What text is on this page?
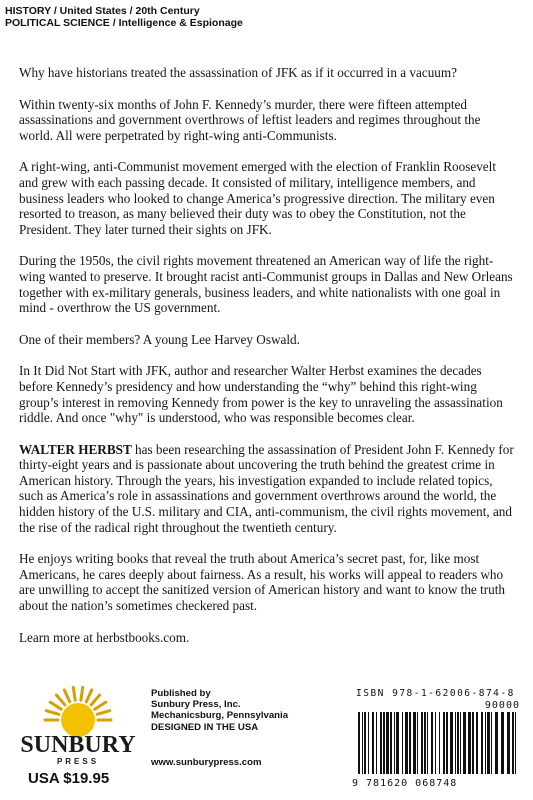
HISTORY / United States / 20th Century
POLITICAL SCIENCE / Intelligence & Espionage

Why have historians treated the assassination of JFK as if it occurred in a vacuum?

Within twenty-six months of John F. Kennedy’s murder, there were fifteen attempted assassinations and government overthrows of leftist leaders and regimes throughout the world. All were perpetrated by right-wing anti-Communists.

A right-wing, anti-Communist movement emerged with the election of Franklin Roosevelt and grew with each passing decade. It consisted of military, intelligence members, and business leaders who looked to change America’s progressive direction. The military even resorted to treason, as many believed their duty was to obey the Constitution, not the President. They later turned their sights on JFK.

During the 1950s, the civil rights movement threatened an American way of life the right-wing wanted to preserve. It brought racist anti-Communist groups in Dallas and New Orleans together with ex-military generals, business leaders, and white nationalists with one goal in mind - overthrow the US government.

One of their members? A young Lee Harvey Oswald.

In It Did Not Start with JFK, author and researcher Walter Herbst examines the decades before Kennedy’s presidency and how understanding the “why” behind this right-wing group’s interest in removing Kennedy from power is the key to unraveling the assassination riddle. And once "why" is understood, who was responsible becomes clear.

WALTER HERBST has been researching the assassination of President John F. Kennedy for thirty-eight years and is passionate about uncovering the truth behind the greatest crime in American history. Through the years, his investigation expanded to include related topics, such as America’s role in assassinations and government overthrows around the world, the hidden history of the U.S. military and CIA, anti-communism, the civil rights movement, and the rise of the radical right throughout the twentieth century.

He enjoys writing books that reveal the truth about America’s secret past, for, like most Americans, he cares deeply about fairness. As a result, his works will appeal to readers who are unwilling to accept the sanitized version of American history and want to know the truth about the nation’s sometimes checkered past.

Learn more at herbstbooks.com.

SUNBURY
PRESS
USA $19.95
Published by
Sunbury Press, Inc.
Mechanicsburg, Pennsylvania
DESIGNED IN THE USA
www.sunburypress.com
ISBN 978-1-62006-874-8
90000
9 781620 068748
